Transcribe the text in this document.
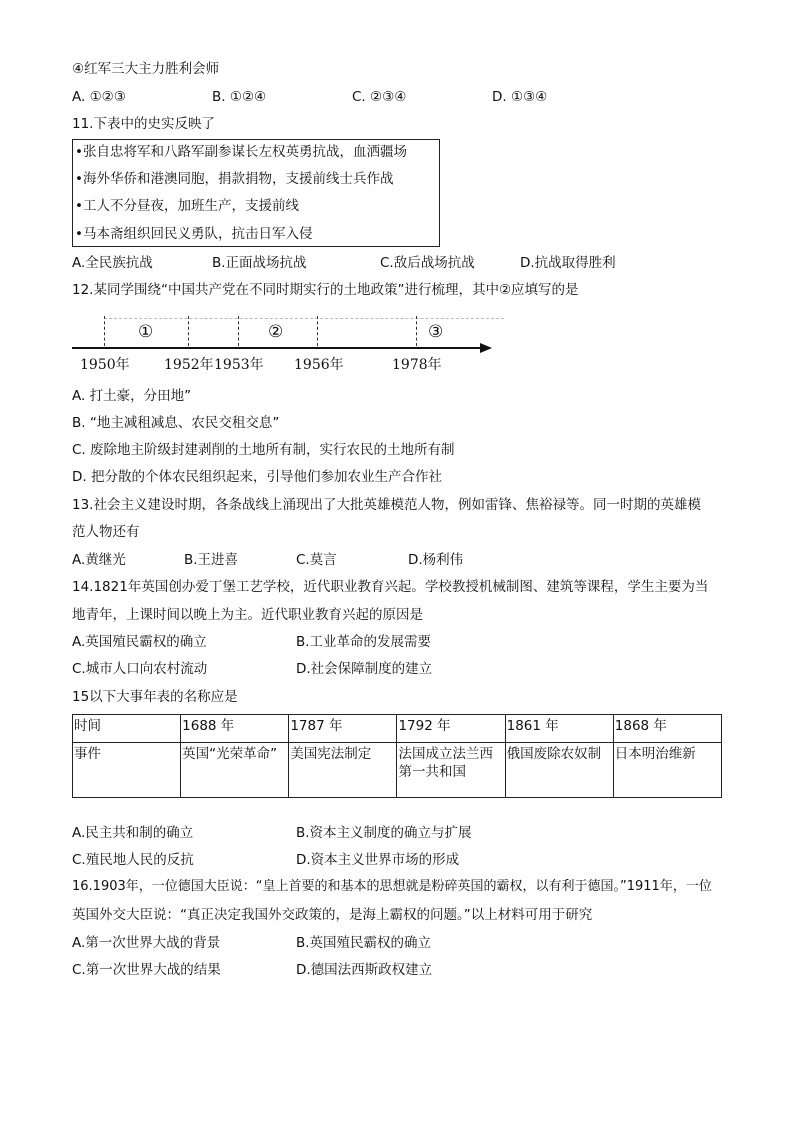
④红军三大主力胜利会师
A. ①②③	B. ①②④	C. ②③④	D. ①③④
11.下表中的史实反映了
•张自忠将军和八路军副参谋长左权英勇抗战，血洒疆场
•海外华侨和港澳同胞，捐款捐物，支援前线士兵作战
•工人不分昼夜，加班生产，支援前线
•马本斋组织回民义勇队，抗击日军入侵
A.全民族抗战	B.正面战场抗战	C.敌后战场抗战	D.抗战取得胜利
12.某同学围绕“中国共产党在不同时期实行的土地政策”进行梳理，其中②应填写的是
①	②	③
1950年 1952年 1953年 1956年	1978年
A. 打土豪，分田地”
B. “地主减租减息、农民交租交息”
C. 废除地主阶级封建剥削的土地所有制，实行农民的土地所有制
D. 把分散的个体农民组织起来，引导他们参加农业生产合作社
13.社会主义建设时期，各条战线上涌现出了大批英雄模范人物，例如雷锋、焦裕禄等。同一时期的英雄模
范人物还有
A.黄继光	B.王进喜	C.莫言	D.杨利伟
14.1821年英国创办爱丁堡工艺学校，近代职业教育兴起。学校教授机械制图、建筑等课程，学生主要为当
地青年，上课时间以晚上为主。近代职业教育兴起的原因是
A.英国殖民霸权的确立	B.工业革命的发展需要
C.城市人口向农村流动	D.社会保障制度的建立
15以下大事年表的名称应是
时间	1688 年	1787 年	1792 年	1861 年	1868 年
事件	英国“光荣革命”	美国宪法制定	法国成立法兰西第一共和国	俄国废除农奴制	日本明治维新
A.民主共和制的确立	B.资本主义制度的确立与扩展
C.殖民地人民的反抗	D.资本主义世界市场的形成
16.1903年，一位德国大臣说：“皇上首要的和基本的思想就是粉碎英国的霸权，以有利于德国。”1911年，一位
英国外交大臣说：“真正决定我国外交政策的，是海上霸权的问题。”以上材料可用于研究
A.第一次世界大战的背景	B.英国殖民霸权的确立
C.第一次世界大战的结果	D.德国法西斯政权建立
